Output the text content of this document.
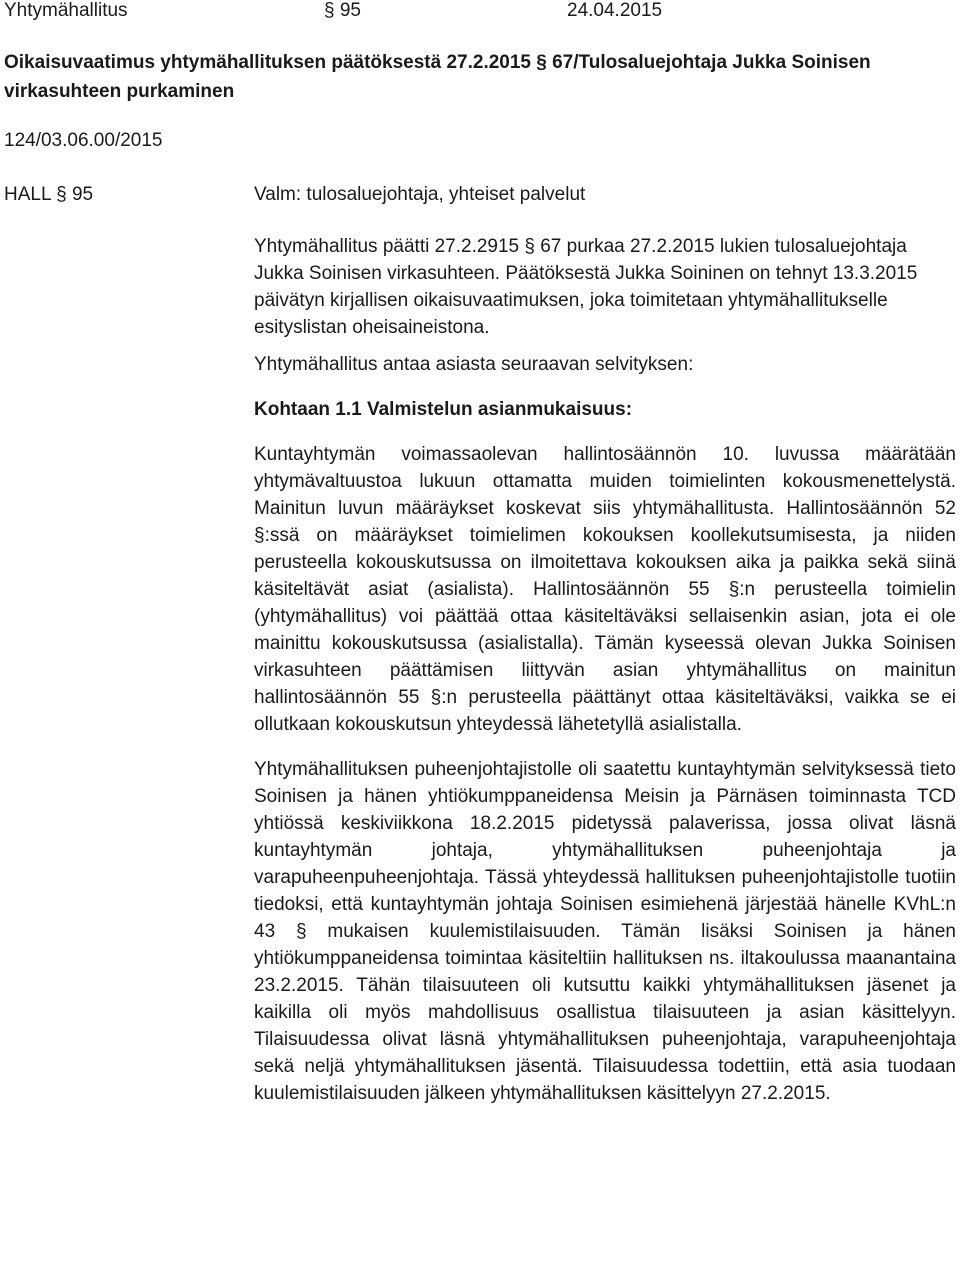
Yhtymähallitus	§ 95	24.04.2015
Oikaisuvaatimus yhtymähallituksen päätöksestä 27.2.2015 § 67/Tulosaluejohtaja Jukka Soinisen virkasuhteen purkaminen
124/03.06.00/2015
HALL § 95	Valm: tulosaluejohtaja, yhteiset palvelut

Yhtymähallitus päätti 27.2.2915 § 67 purkaa 27.2.2015 lukien tulosaluejohtaja Jukka Soinisen virkasuhteen. Päätöksestä Jukka Soininen on tehnyt 13.3.2015 päivätyn kirjallisen oikaisuvaatimuksen, joka toimitetaan yhtymähallitukselle esityslistan oheisaineistona.

Yhtymähallitus antaa asiasta seuraavan selvityksen:

Kohtaan 1.1 Valmistelun asianmukaisuus:

Kuntayhtymän voimassaolevan hallintosäännön 10. luvussa määrätään yhtymävaltuustoa lukuun ottamatta muiden toimielinten kokousmenettelystä. Mainitun luvun määräykset koskevat siis yhtymähallitusta. Hallintosäännön 52 §:ssä on määräykset toimielimen kokouksen koollekutsumisesta, ja niiden perusteella kokouskutsussa on ilmoitettava kokouksen aika ja paikka sekä siinä käsiteltävät asiat (asialista). Hallintosäännön 55 §:n perusteella toimielin (yhtymähallitus) voi päättää ottaa käsiteltäväksi sellaisenkin asian, jota ei ole mainittu kokouskutsussa (asialistalla). Tämän kyseessä olevan Jukka Soinisen virkasuhteen päättämisen liittyvän asian yhtymähallitus on mainitun hallintosäännön 55 §:n perusteella päättänyt ottaa käsiteltäväksi, vaikka se ei ollutkaan kokouskutsun yhteydessä lähetetyllä asialistalla.

Yhtymähallituksen puheenjohtajistolle oli saatettu kuntayhtymän selvityksessä tieto Soinisen ja hänen yhtiökumppaneidensa Meisin ja Pärnäsen toiminnasta TCD yhtiössä keskiviikkona 18.2.2015 pidetyssä palaverissa, jossa olivat läsnä kuntayhtymän johtaja, yhtymähallituksen puheenjohtaja ja varapuheenpuheenjohtaja. Tässä yhteydessä hallituksen puheenjohtajistolle tuotiin tiedoksi, että kuntayhtymän johtaja Soinisen esimiehenä järjestää hänelle KVhL:n 43 § mukaisen kuulemistilaisuuden. Tämän lisäksi Soinisen ja hänen yhtiökumppaneidensa toimintaa käsiteltiin hallituksen ns. iltakoulussa maanantaina 23.2.2015. Tähän tilaisuuteen oli kutsuttu kaikki yhtymähallituksen jäsenet ja kaikilla oli myös mahdollisuus osallistua tilaisuuteen ja asian käsittelyyn. Tilaisuudessa olivat läsnä yhtymähallituksen puheenjohtaja, varapuheenjohtaja sekä neljä yhtymähallituksen jäsentä. Tilaisuudessa todettiin, että asia tuodaan kuulemistilaisuuden jälkeen yhtymähallituksen käsittelyyn 27.2.2015.
